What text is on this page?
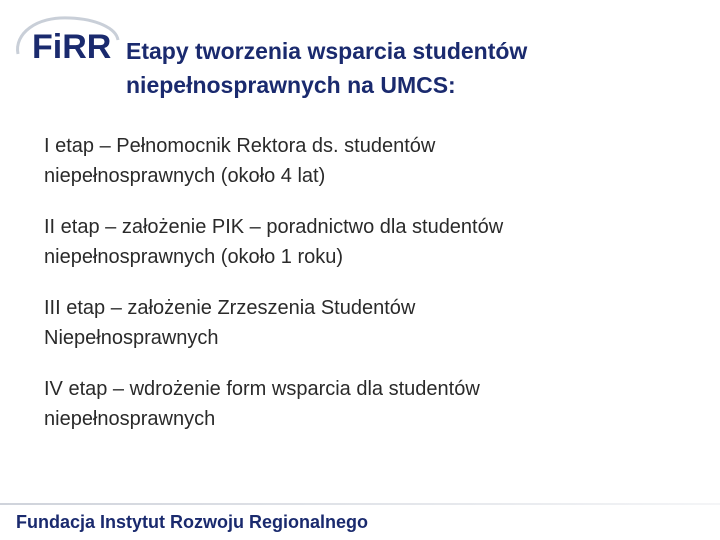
FiRR Etapy tworzenia wsparcia studentów
niepełnosprawnych na UMCS:
I etap – Pełnomocnik Rektora ds. studentów
niepełnosprawnych (około 4 lat)
II etap – założenie PIK – poradnictwo dla studentów
niepełnosprawnych (około 1 roku)
III etap – założenie Zrzeszenia Studentów
Niepełnosprawnych
IV etap – wdrożenie form wsparcia dla studentów
niepełnosprawnych
Fundacja Instytut Rozwoju Regionalnego
